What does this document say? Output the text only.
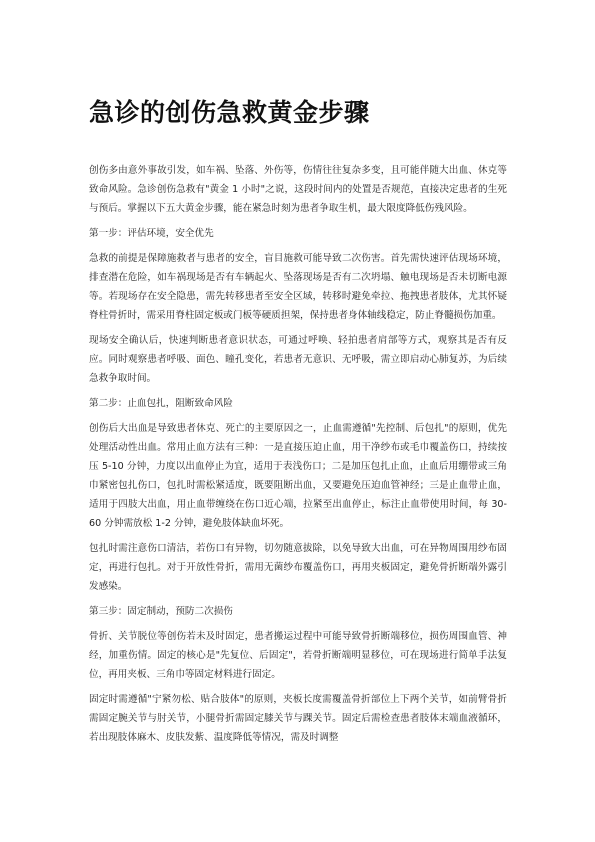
急诊的创伤急救黄金步骤

创伤多由意外事故引发，如车祸、坠落、外伤等，伤情往往复杂多变，且可能伴随大出血、休克等致命风险。急诊创伤急救有"黄金 1 小时"之说，这段时间内的处置是否规范，直接决定患者的生死与预后。掌握以下五大黄金步骤，能在紧急时刻为患者争取生机，最大限度降低伤残风险。

第一步：评估环境，安全优先

急救的前提是保障施救者与患者的安全，盲目施救可能导致二次伤害。首先需快速评估现场环境，排查潜在危险，如车祸现场是否有车辆起火、坠落现场是否有二次坍塌、触电现场是否未切断电源等。若现场存在安全隐患，需先转移患者至安全区域，转移时避免牵拉、拖拽患者肢体，尤其怀疑脊柱骨折时，需采用脊柱固定板或门板等硬质担架，保持患者身体轴线稳定，防止脊髓损伤加重。

现场安全确认后，快速判断患者意识状态，可通过呼唤、轻拍患者肩部等方式，观察其是否有反应。同时观察患者呼吸、面色、瞳孔变化，若患者无意识、无呼吸，需立即启动心肺复苏，为后续急救争取时间。

第二步：止血包扎，阻断致命风险

创伤后大出血是导致患者休克、死亡的主要原因之一，止血需遵循"先控制、后包扎"的原则，优先处理活动性出血。常用止血方法有三种：一是直接压迫止血，用干净纱布或毛巾覆盖伤口，持续按压 5-10 分钟，力度以出血停止为宜，适用于表浅伤口；二是加压包扎止血，止血后用绷带或三角巾紧密包扎伤口，包扎时需松紧适度，既要阻断出血，又要避免压迫血管神经；三是止血带止血，适用于四肢大出血，用止血带缠绕在伤口近心端，拉紧至出血停止，标注止血带使用时间，每 30-60 分钟需放松 1-2 分钟，避免肢体缺血坏死。

包扎时需注意伤口清洁，若伤口有异物，切勿随意拔除，以免导致大出血，可在异物周围用纱布固定，再进行包扎。对于开放性骨折，需用无菌纱布覆盖伤口，再用夹板固定，避免骨折断端外露引发感染。

第三步：固定制动，预防二次损伤

骨折、关节脱位等创伤若未及时固定，患者搬运过程中可能导致骨折断端移位，损伤周围血管、神经，加重伤情。固定的核心是"先复位、后固定"，若骨折断端明显移位，可在现场进行简单手法复位，再用夹板、三角巾等固定材料进行固定。

固定时需遵循"宁紧勿松、贴合肢体"的原则，夹板长度需覆盖骨折部位上下两个关节，如前臂骨折需固定腕关节与肘关节，小腿骨折需固定膝关节与踝关节。固定后需检查患者肢体末端血液循环，若出现肢体麻木、皮肤发紫、温度降低等情况，需及时调整
